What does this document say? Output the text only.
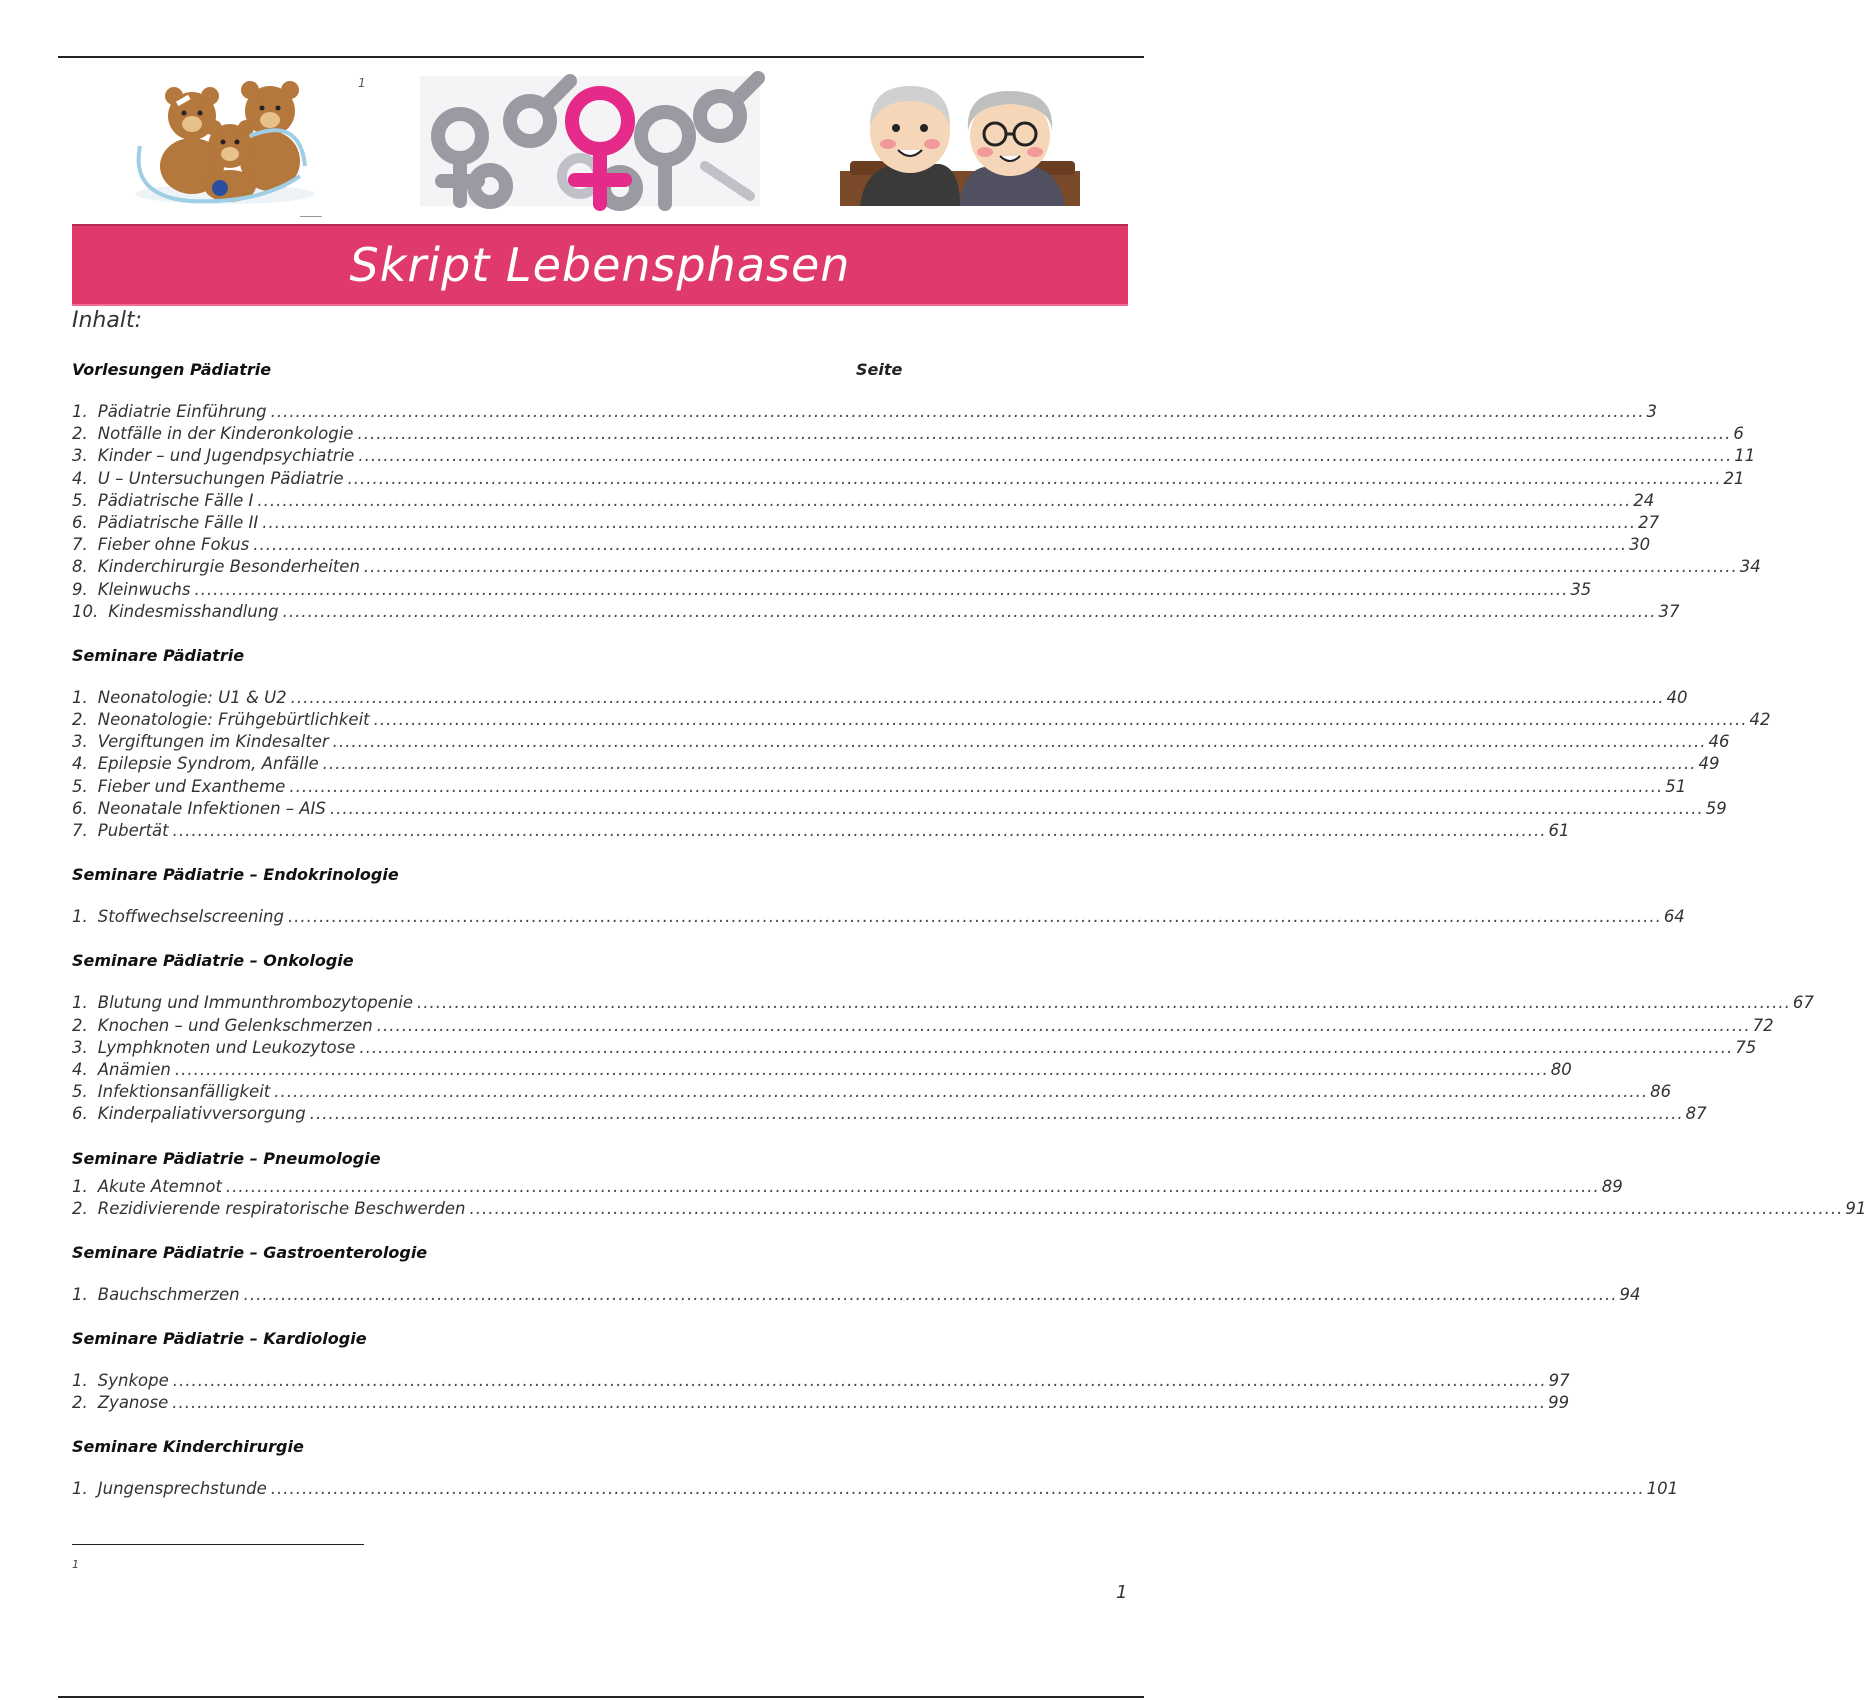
1
Skript Lebensphasen
Inhalt:
Vorlesungen Pädiatrie	Seite
1. Pädiatrie Einführung ............................................................................................................................................................................................................................ 3
2. Notfälle in der Kinderonkologie ............................................................................................................................................................................................................................ 6
3. Kinder – und Jugendpsychiatrie ............................................................................................................................................................................................................................ 11
4. U – Untersuchungen Pädiatrie ............................................................................................................................................................................................................................ 21
5. Pädiatrische Fälle I ............................................................................................................................................................................................................................ 24
6. Pädiatrische Fälle II ............................................................................................................................................................................................................................ 27
7. Fieber ohne Fokus ............................................................................................................................................................................................................................ 30
8. Kinderchirurgie Besonderheiten ............................................................................................................................................................................................................................ 34
9. Kleinwuchs ............................................................................................................................................................................................................................ 35
10. Kindesmisshandlung ............................................................................................................................................................................................................................ 37
Seminare Pädiatrie
1. Neonatologie: U1 & U2 ............................................................................................................................................................................................................................ 40
2. Neonatologie: Frühgebürtlichkeit ............................................................................................................................................................................................................................ 42
3. Vergiftungen im Kindesalter ............................................................................................................................................................................................................................ 46
4. Epilepsie Syndrom, Anfälle ............................................................................................................................................................................................................................ 49
5. Fieber und Exantheme ............................................................................................................................................................................................................................ 51
6. Neonatale Infektionen – AIS ............................................................................................................................................................................................................................ 59
7. Pubertät ............................................................................................................................................................................................................................ 61
Seminare Pädiatrie – Endokrinologie
1. Stoffwechselscreening ............................................................................................................................................................................................................................ 64
Seminare Pädiatrie – Onkologie
1. Blutung und Immunthrombozytopenie ............................................................................................................................................................................................................................ 67
2. Knochen – und Gelenkschmerzen ............................................................................................................................................................................................................................ 72
3. Lymphknoten und Leukozytose ............................................................................................................................................................................................................................ 75
4. Anämien ............................................................................................................................................................................................................................ 80
5. Infektionsanfälligkeit ............................................................................................................................................................................................................................ 86
6. Kinderpaliativversorgung ............................................................................................................................................................................................................................ 87
Seminare Pädiatrie – Pneumologie
1. Akute Atemnot ............................................................................................................................................................................................................................ 89
2. Rezidivierende respiratorische Beschwerden ............................................................................................................................................................................................................................ 91
Seminare Pädiatrie – Gastroenterologie
1. Bauchschmerzen ............................................................................................................................................................................................................................ 94
Seminare Pädiatrie – Kardiologie
1. Synkope ............................................................................................................................................................................................................................ 97
2. Zyanose ............................................................................................................................................................................................................................ 99
Seminare Kinderchirurgie
1. Jungensprechstunde ............................................................................................................................................................................................................................ 101
1
1
